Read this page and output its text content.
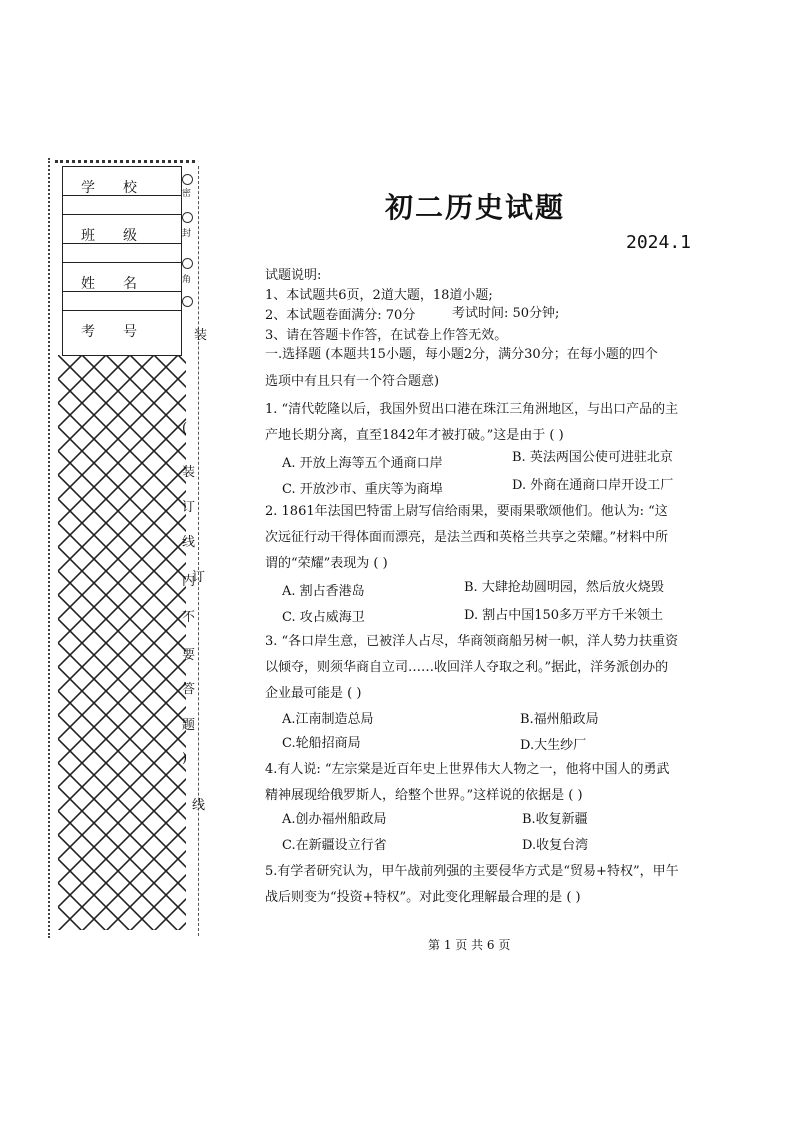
学校
班级
姓名
考号
密
封
角
装
(
装
订
线
订
内
不
要
答
题
)
线
初二历史试题
2024.1
试题说明:
1、本试题共6页，2道大题，18道小题;
2、本试题卷面满分: 70分	考试时间: 50分钟;
3、请在答题卡作答，在试卷上作答无效。
一.选择题 (本题共15小题，每小题2分，满分30分；在每小题的四个
选项中有且只有一个符合题意)
1. “清代乾隆以后，我国外贸出口港在珠江三角洲地区，与出口产品的主
产地长期分离，直至1842年才被打破。”这是由于 ( )
A. 开放上海等五个通商口岸	B. 英法两国公使可进驻北京
C. 开放沙市、重庆等为商埠	D. 外商在通商口岸开设工厂
2. 1861年法国巴特雷上尉写信给雨果，要雨果歌颂他们。他认为: “这
次远征行动干得体面而漂亮，是法兰西和英格兰共享之荣耀。”材料中所
谓的“荣耀”表现为 ( )
A. 割占香港岛	B. 大肆抢劫圆明园，然后放火烧毁
C. 攻占威海卫	D. 割占中国150多万平方千米领土
3. “各口岸生意，已被洋人占尽，华商领商船另树一帜，洋人势力扶重资
以倾夺，则须华商自立司……收回洋人夺取之利。”据此，洋务派创办的
企业最可能是 ( )
A.江南制造总局	B.福州船政局
C.轮船招商局	D.大生纱厂
4.有人说: “左宗棠是近百年史上世界伟大人物之一，他将中国人的勇武
精神展现给俄罗斯人，给整个世界。”这样说的依据是 ( )
A.创办福州船政局	B.收复新疆
C.在新疆设立行省	D.收复台湾
5.有学者研究认为，甲午战前列强的主要侵华方式是“贸易+特权”，甲午
战后则变为“投资+特权”。对此变化理解最合理的是 ( )
第 1 页 共 6 页
